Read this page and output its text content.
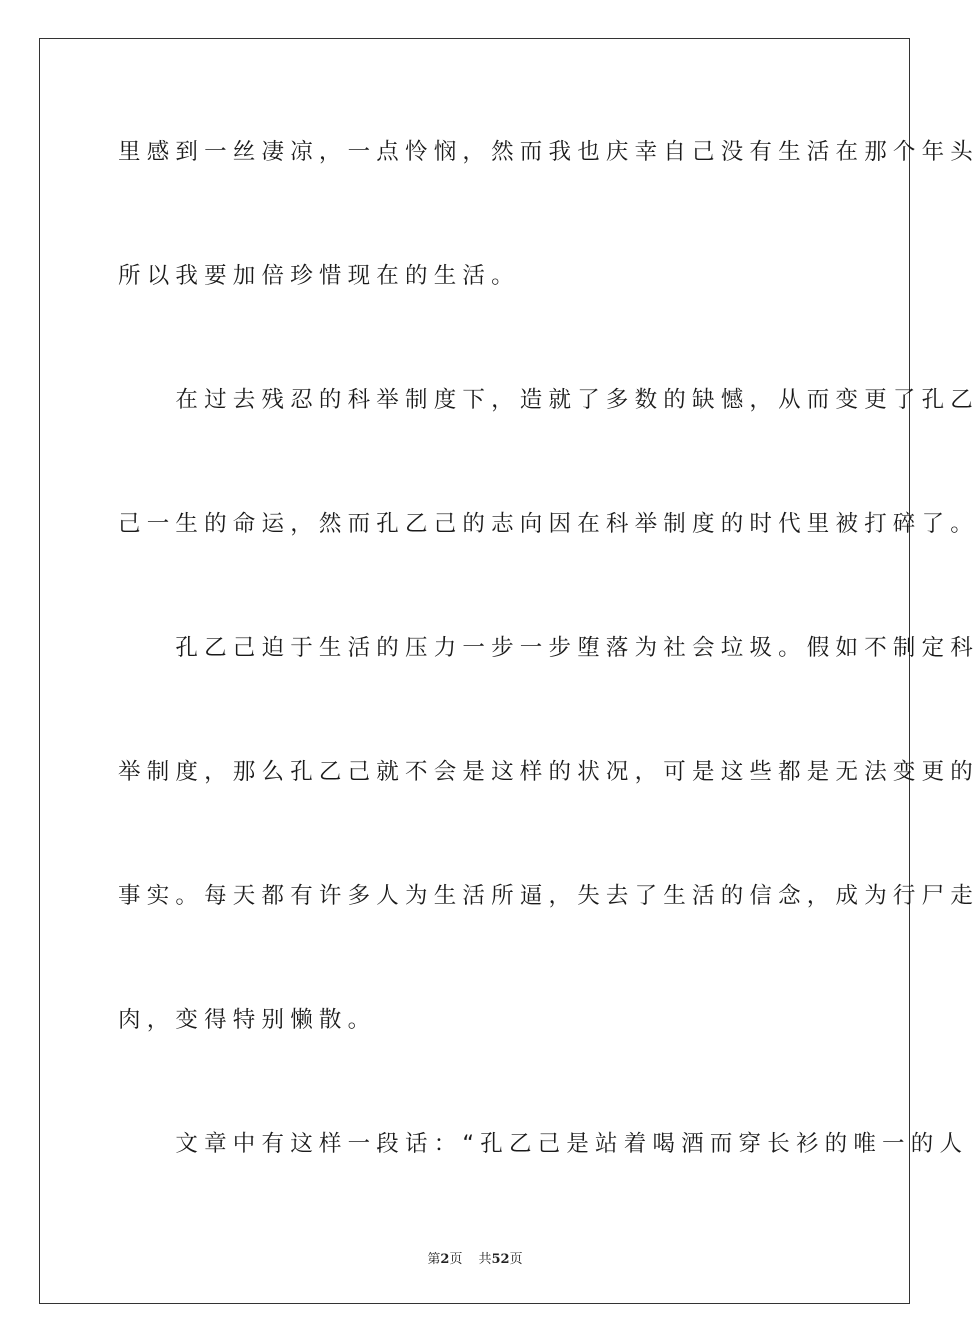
里感到一丝凄凉，一点怜悯，然而我也庆幸自己没有生活在那个年头
所以我要加倍珍惜现在的生活。
　　在过去残忍的科举制度下，造就了多数的缺憾，从而变更了孔乙
己一生的命运，然而孔乙己的志向因在科举制度的时代里被打碎了。
　　孔乙己迫于生活的压力一步一步堕落为社会垃圾。假如不制定科
举制度，那么孔乙己就不会是这样的状况，可是这些都是无法变更的
事实。每天都有许多人为生活所逼，失去了生活的信念，成为行尸走
肉，变得特别懒散。
　　文章中有这样一段话：“孔乙己是站着喝酒而穿长衫的唯一的人
第2页 共52页
